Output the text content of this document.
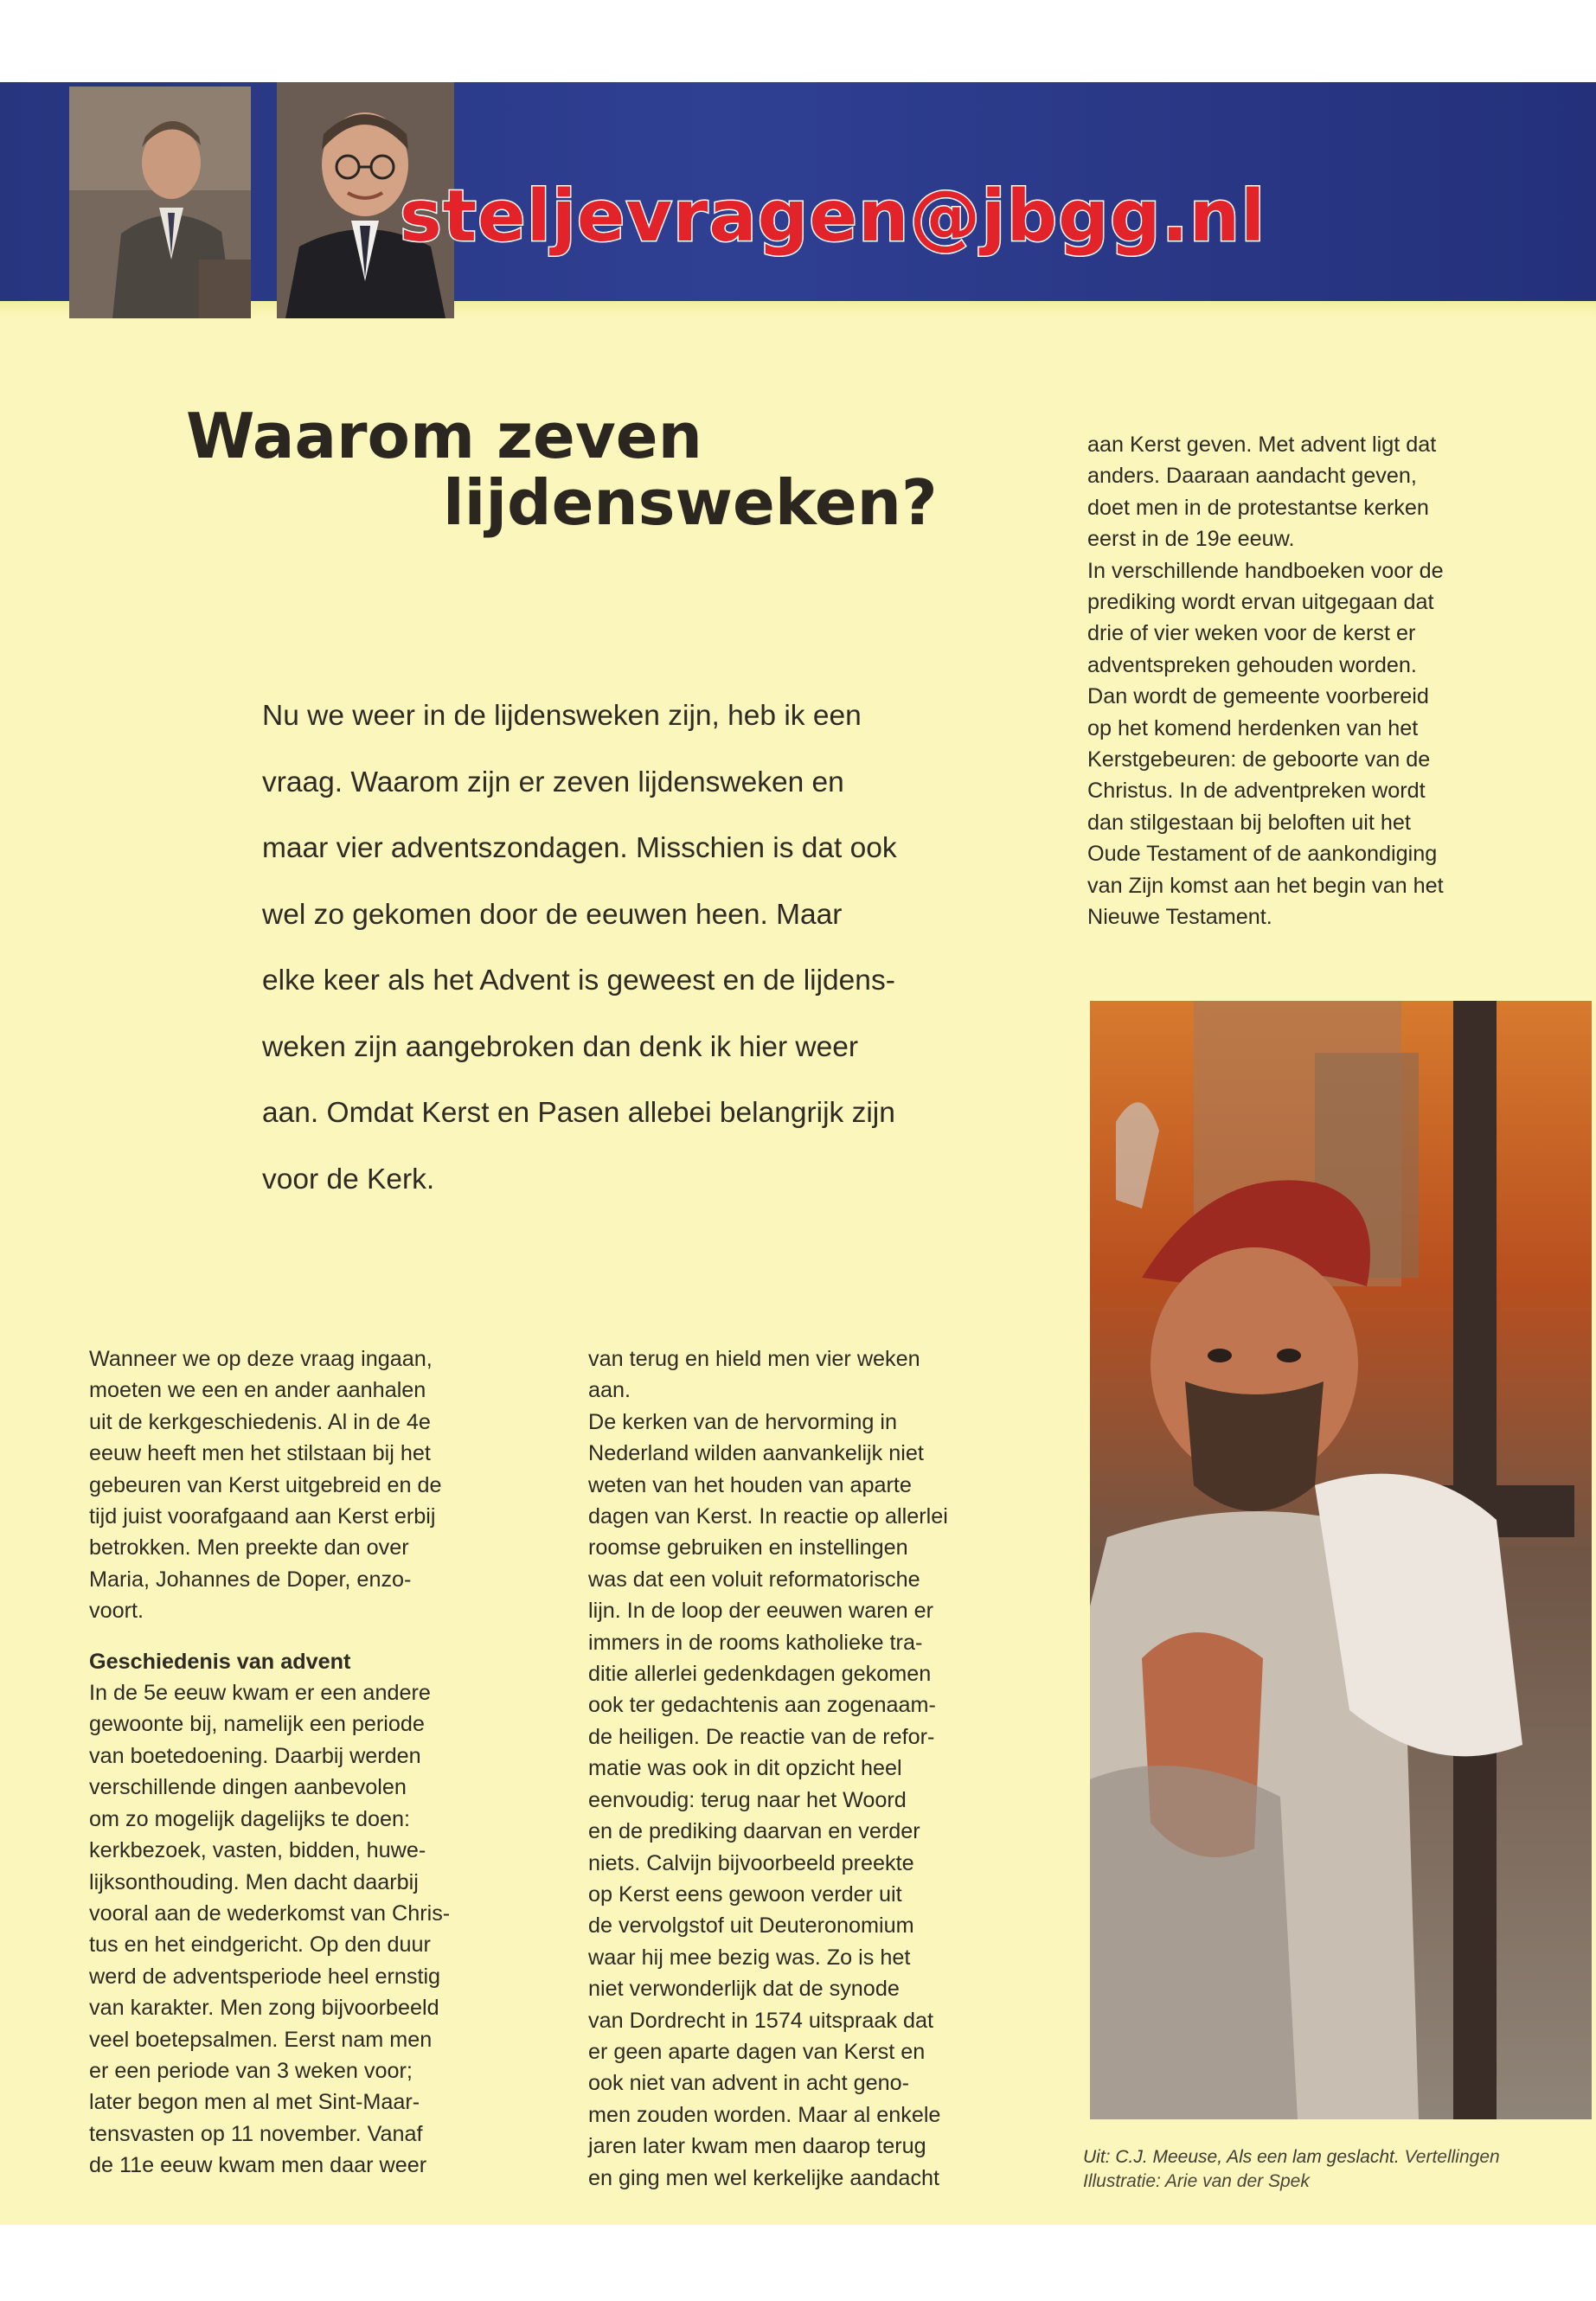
steljevragen@jbgg.nl
Waarom zeven
lijdensweken?

Nu we weer in de lijdensweken zijn, heb ik een

vraag. Waarom zijn er zeven lijdensweken en

maar vier adventszondagen. Misschien is dat ook

wel zo gekomen door de eeuwen heen. Maar

elke keer als het Advent is geweest en de lijdens-

weken zijn aangebroken dan denk ik hier weer

aan. Omdat Kerst en Pasen allebei belangrijk zijn

voor de Kerk.

Wanneer we op deze vraag ingaan,

moeten we een en ander aanhalen

uit de kerkgeschiedenis. Al in de 4e

eeuw heeft men het stilstaan bij het

gebeuren van Kerst uitgebreid en de

tijd juist voorafgaand aan Kerst erbij

betrokken. Men preekte dan over

Maria, Johannes de Doper, enzo-

voort.

Geschiedenis van advent

In de 5e eeuw kwam er een andere

gewoonte bij, namelijk een periode

van boetedoening. Daarbij werden

verschillende dingen aanbevolen

om zo mogelijk dagelijks te doen:

kerkbezoek, vasten, bidden, huwe-

lijksonthouding. Men dacht daarbij

vooral aan de wederkomst van Chris-

tus en het eindgericht. Op den duur

werd de adventsperiode heel ernstig

van karakter. Men zong bijvoorbeeld

veel boetepsalmen. Eerst nam men

er een periode van 3 weken voor;

later begon men al met Sint-Maar-

tensvasten op 11 november. Vanaf

de 11e eeuw kwam men daar weer

van terug en hield men vier weken

aan.

De kerken van de hervorming in

Nederland wilden aanvankelijk niet

weten van het houden van aparte

dagen van Kerst. In reactie op allerlei

roomse gebruiken en instellingen

was dat een voluit reformatorische

lijn. In de loop der eeuwen waren er

immers in de rooms katholieke tra-

ditie allerlei gedenkdagen gekomen

ook ter gedachtenis aan zogenaam-

de heiligen. De reactie van de refor-

matie was ook in dit opzicht heel

eenvoudig: terug naar het Woord

en de prediking daarvan en verder

niets. Calvijn bijvoorbeeld preekte

op Kerst eens gewoon verder uit

de vervolgstof uit Deuteronomium

waar hij mee bezig was. Zo is het

niet verwonderlijk dat de synode

van Dordrecht in 1574 uitspraak dat

er geen aparte dagen van Kerst en

ook niet van advent in acht geno-

men zouden worden. Maar al enkele

jaren later kwam men daarop terug

en ging men wel kerkelijke aandacht

aan Kerst geven. Met advent ligt dat

anders. Daaraan aandacht geven,

doet men in de protestantse kerken

eerst in de 19e eeuw.

In verschillende handboeken voor de

prediking wordt ervan uitgegaan dat

drie of vier weken voor de kerst er

adventspreken gehouden worden.

Dan wordt de gemeente voorbereid

op het komend herdenken van het

Kerstgebeuren: de geboorte van de

Christus. In de adventpreken wordt

dan stilgestaan bij beloften uit het

Oude Testament of de aankondiging

van Zijn komst aan het begin van het

Nieuwe Testament.

Uit: C.J. Meeuse, Als een lam geslacht. Vertellingen

Illustratie: Arie van der Spek
